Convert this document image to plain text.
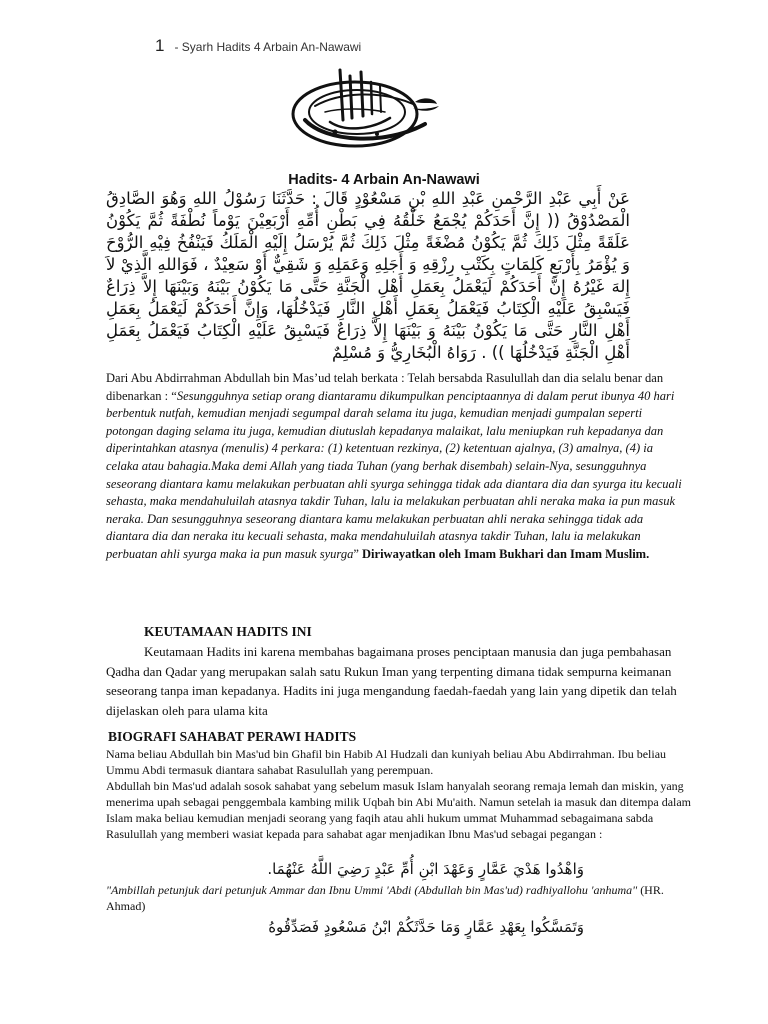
1 - Syarh Hadits 4 Arbain An-Nawawi
Hadits- 4 Arbain An-Nawawi
عَنْ أَبِي عَبْدِ الرَّحْمنِ عَبْدِ اللهِ بْنِ مَسْعُوْدٍ قَالَ : حَدَّثَنَا رَسُوْلُ اللهِ وَهُوَ الصَّادِقُ الْمَصْدُوْقُ (( إِنَّ أَحَدَكُمْ يُجْمَعُ خَلْقُهُ فِي بَطْنِ أُمِّهِ أَرْبَعِيْنَ يَوْماً نُطْفَةً ثُمَّ يَكُوْنُ عَلَقَةً مِثْلَ ذَلِكَ ثُمَّ يَكُوْنُ مُضْغَةً مِثْلَ ذَلِكَ ثُمَّ يُرْسَلُ إِلَيْهِ الْمَلَكُ فَيَنْفُخُ فِيْهِ الرُّوْحَ وَ يُؤْمَرُ بِأَرْبَعِ كَلِمَاتٍ بِكَتْبِ رِزْقِهِ وَ أَجَلِهِ وَعَمَلِهِ وَ شَقِيٌّ أَوْ سَعِيْدٌ ، فَوَاللهِ الَّذِيْ لاَ إِلهَ غَيْرُهُ إِنَّ أَحَدَكُمْ لَيَعْمَلُ بِعَمَلِ أَهْلِ الْجَنَّةِ حَتَّى مَا يَكُوْنُ بَيْنَهُ وَبَيْنَهَا إِلاَّ ذِرَاعٌ فَيَسْبِقُ عَلَيْهِ الْكِتَابُ فَيَعْمَلُ بِعَمَلِ أَهْلِ النَّارِ فَيَدْخُلُهَا، وَإِنَّ أَحَدَكُمْ لَيَعْمَلُ بِعَمَلِ أَهْلِ النَّارِ حَتَّى مَا يَكُوْنُ بَيْنَهُ وَ بَيْنَهَا إِلاَّ ذِرَاعٌ فَيَسْبِقُ عَلَيْهِ الْكِتَابُ فَيَعْمَلُ بِعَمَلِ أَهْلِ الْجَنَّةِ فَيَدْخُلُهَا )) . رَوَاهُ الْبُخَارِيُّ وَ مُسْلِمٌ
Dari Abu Abdirrahman Abdullah bin Mas’ud telah berkata : Telah bersabda Rasulullah dan dia selalu benar dan dibenarkan : “Sesungguhnya setiap orang diantaramu dikumpulkan penciptaannya di dalam perut ibunya 40 hari berbentuk nutfah, kemudian menjadi segumpal darah selama itu juga, kemudian menjadi gumpalan seperti potongan daging selama itu juga, kemudian diutuslah kepadanya malaikat, lalu meniupkan ruh kepadanya dan diperintahkan atasnya (menulis) 4 perkara: (1) ketentuan rezkinya, (2) ketentuan ajalnya, (3) amalnya, (4) ia celaka atau bahagia.Maka demi Allah yang tiada Tuhan (yang berhak disembah) selain-Nya, sesungguhnya seseorang diantara kamu melakukan perbuatan ahli syurga sehingga tidak ada diantara dia dan syurga itu kecuali sehasta, maka mendahuluilah atasnya takdir Tuhan, lalu ia melakukan perbuatan ahli neraka maka ia pun masuk neraka. Dan sesungguhnya seseorang diantara kamu melakukan perbuatan ahli neraka sehingga tidak ada diantara dia dan neraka itu kecuali sehasta, maka mendahuluilah atasnya takdir Tuhan, lalu ia melakukan perbuatan ahli syurga maka ia pun masuk syurga” Diriwayatkan oleh Imam Bukhari dan Imam Muslim.
KEUTAMAAN HADITS INI
Keutamaan Hadits ini karena membahas bagaimana proses penciptaan manusia dan juga pembahasan Qadha dan Qadar yang merupakan salah satu Rukun Iman yang terpenting dimana tidak sempurna keimanan seseorang tanpa iman kepadanya. Hadits ini juga mengandung faedah-faedah yang lain yang dipetik dan telah dijelaskan oleh para ulama kita
BIOGRAFI SAHABAT PERAWI HADITS
Nama beliau Abdullah bin Mas'ud bin Ghafil bin Habib Al Hudzali dan kuniyah beliau Abu Abdirrahman. Ibu beliau Ummu Abdi termasuk diantara sahabat Rasulullah yang perempuan.
Abdullah bin Mas'ud adalah sosok sahabat yang sebelum masuk Islam hanyalah seorang remaja lemah dan miskin, yang menerima upah sebagai penggembala kambing milik Uqbah bin Abi Mu'aith. Namun setelah ia masuk dan ditempa dalam Islam maka beliau kemudian menjadi seorang yang faqih atau ahli hukum ummat Muhammad sebagaimana sabda Rasulullah yang memberi wasiat kepada para sahabat agar menjadikan Ibnu Mas'ud sebagai pegangan :
وَاهْدُوا هَدْيَ عَمَّارٍ وَعَهْدَ ابْنِ أُمِّ عَبْدٍ رَضِيَ اللَّهُ عَنْهُمَا.
"Ambillah petunjuk dari petunjuk Ammar dan Ibnu Ummi 'Abdi (Abdullah bin Mas'ud) radhiyallohu 'anhuma" (HR. Ahmad)
وَتَمَسَّكُوا بِعَهْدِ عَمَّارٍ وَمَا حَدَّثَكُمْ ابْنُ مَسْعُودٍ فَصَدِّقُوهُ
